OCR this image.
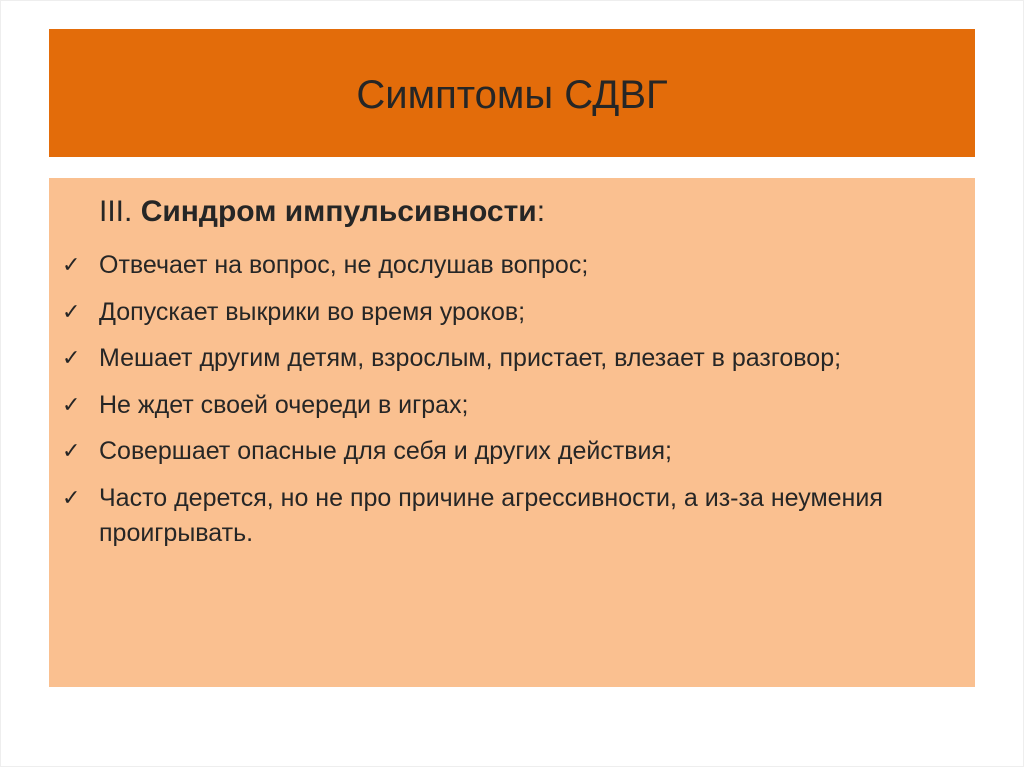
Симптомы СДВГ
III. Синдром импульсивности:
✓ Отвечает на вопрос, не дослушав вопрос;
✓ Допускает выкрики во время уроков;
✓ Мешает другим детям, взрослым, пристает, влезает в разговор;
✓ Не ждет своей очереди в играх;
✓ Совершает опасные для себя и других действия;
✓ Часто дерется, но не про причине агрессивности, а из-за неумения проигрывать.
